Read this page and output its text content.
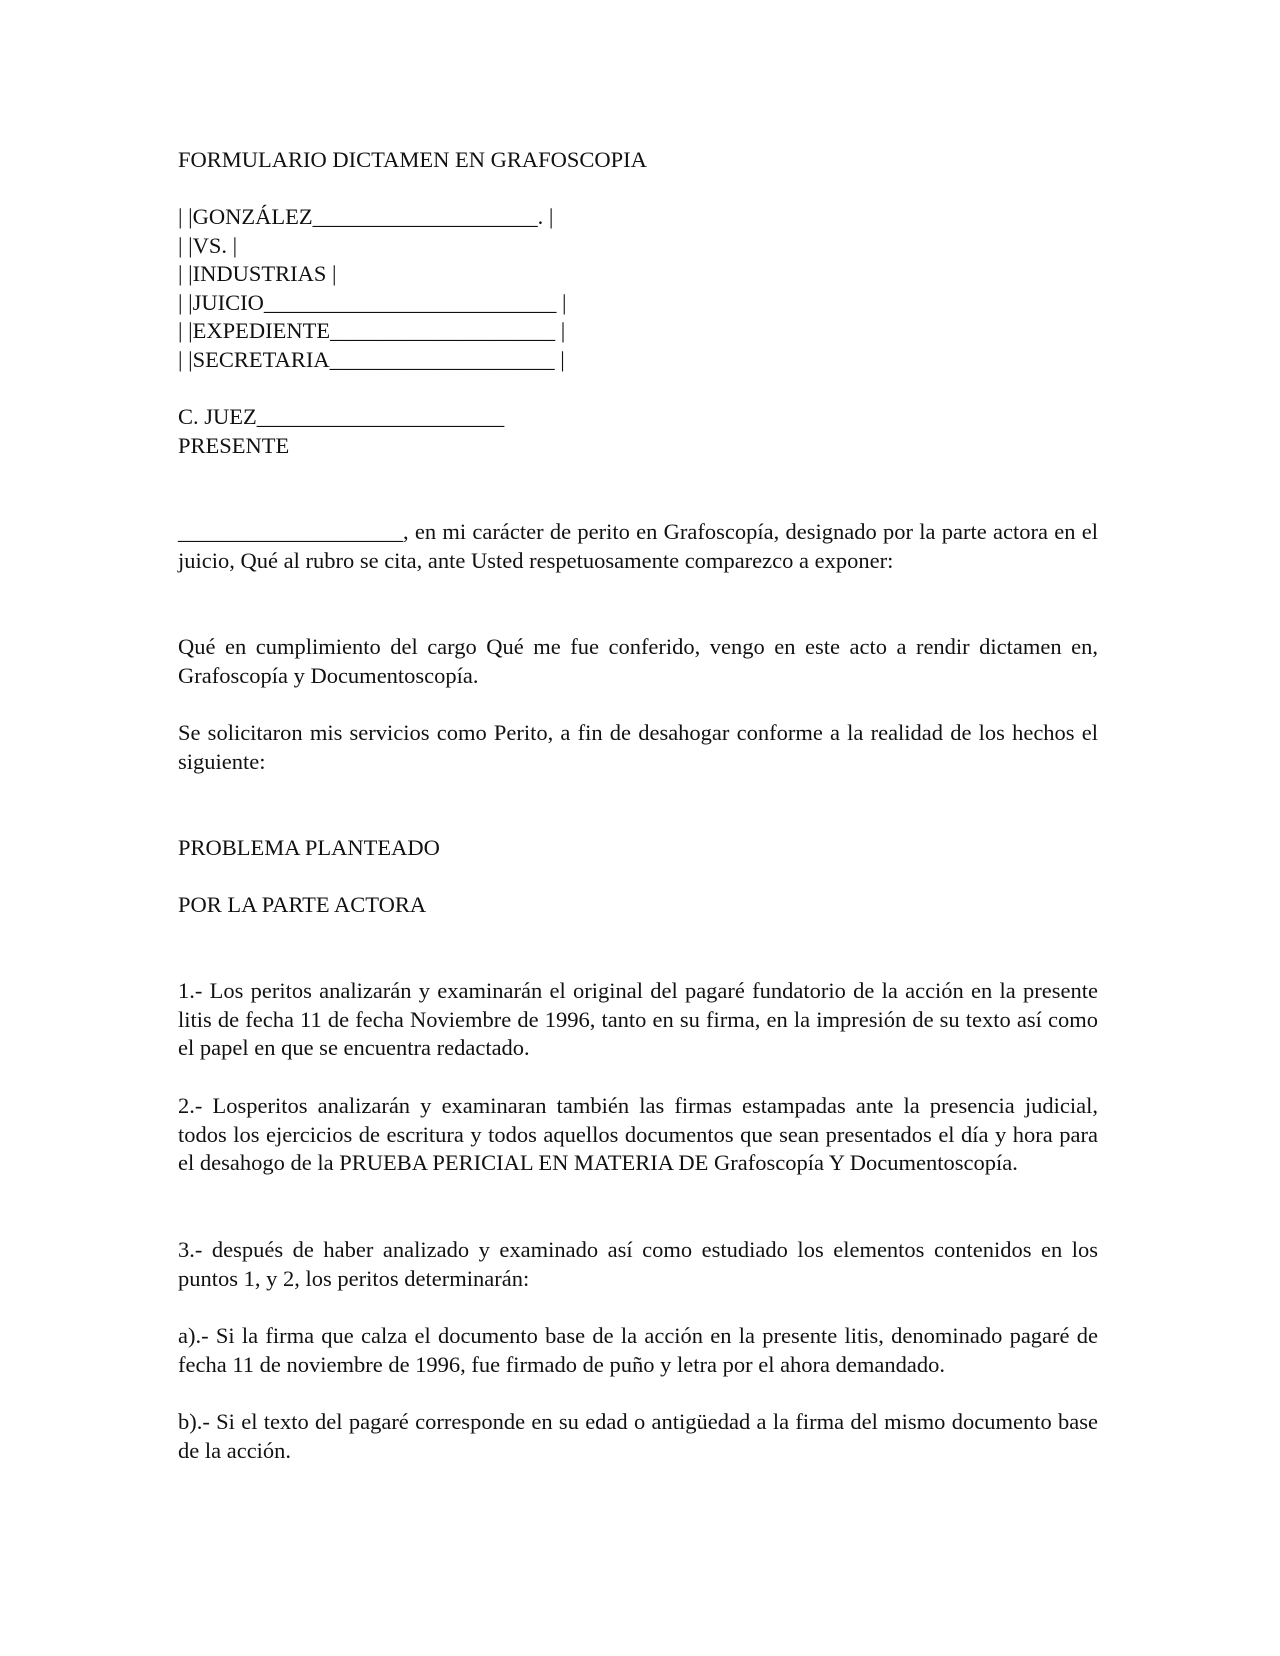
FORMULARIO DICTAMEN EN GRAFOSCOPIA
| |GONZÁLEZ____________________. |
| |VS. |
| |INDUSTRIAS |
| |JUICIO__________________________ |
| |EXPEDIENTE____________________ |
| |SECRETARIA____________________ |
C. JUEZ______________________
PRESENTE
____________________, en mi carácter de perito en Grafoscopía, designado por la parte actora en el juicio, Qué al rubro se cita, ante Usted respetuosamente comparezco a exponer:
Qué en cumplimiento del cargo Qué me fue conferido, vengo en este acto a rendir dictamen en, Grafoscopía y Documentoscopía.
Se solicitaron mis servicios como Perito, a fin de desahogar conforme a la realidad de los hechos el siguiente:
PROBLEMA PLANTEADO
POR LA PARTE ACTORA
1.- Los peritos analizarán y examinarán el original del pagaré fundatorio de la acción en la presente litis de fecha 11 de fecha Noviembre de 1996, tanto en su firma, en la impresión de su texto así como el papel en que se encuentra redactado.
2.- Losperitos analizarán y examinaran también las firmas estampadas ante la presencia judicial, todos los ejercicios de escritura y todos aquellos documentos que sean presentados el día y hora para el desahogo de la PRUEBA PERICIAL EN MATERIA DE Grafoscopía Y Documentoscopía.
3.- después de haber analizado y examinado así como estudiado los elementos contenidos en los puntos 1, y 2, los peritos determinarán:
a).- Si la firma que calza el documento base de la acción en la presente litis, denominado pagaré de fecha 11 de noviembre de 1996, fue firmado de puño y letra por el ahora demandado.
b).- Si el texto del pagaré corresponde en su edad o antigüedad a la firma del mismo documento base de la acción.
